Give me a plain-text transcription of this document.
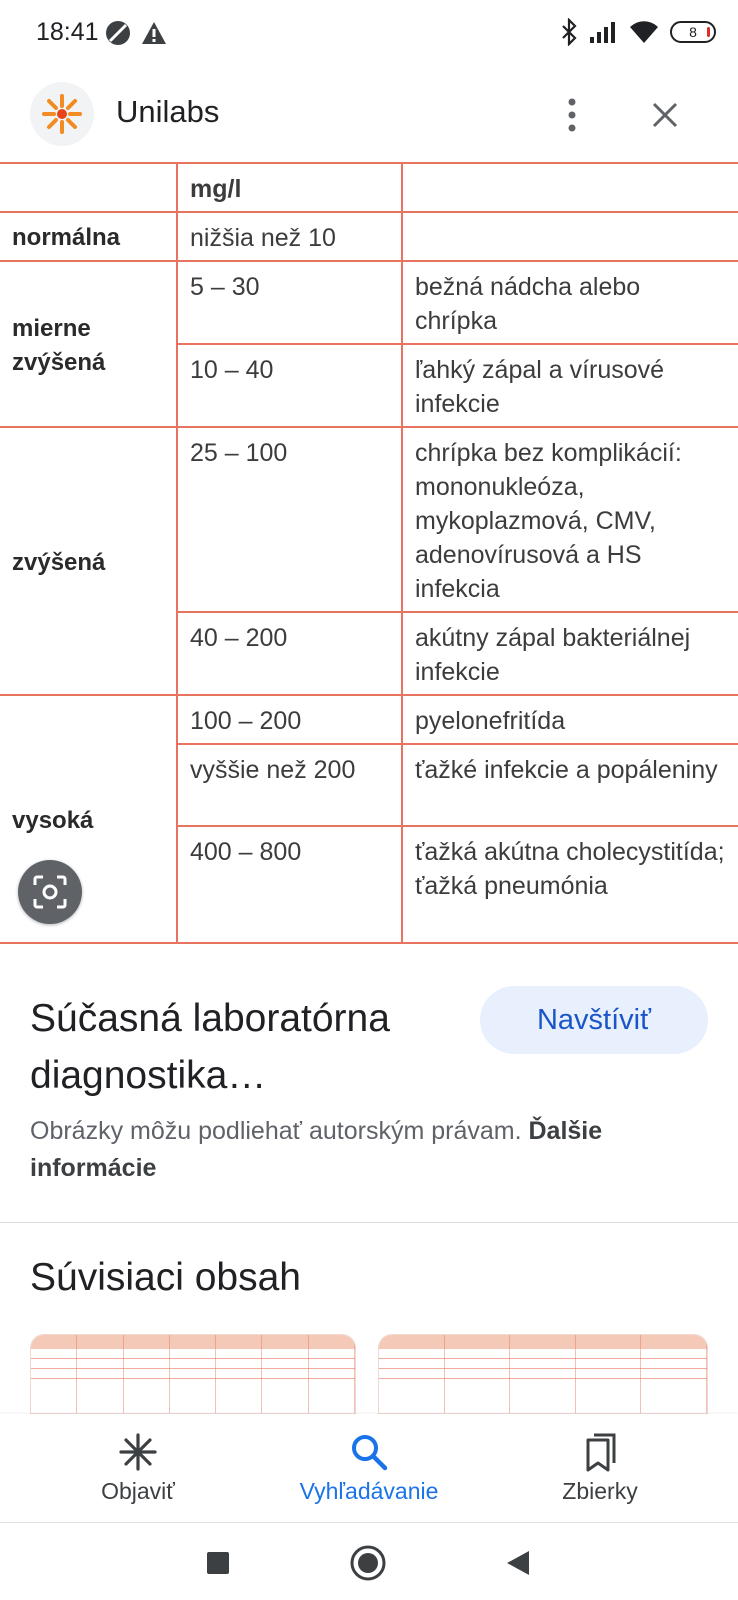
18:41	8
Unilabs
	mg/l	
normálna	nižšia než 10	
mierne zvýšená	5 – 30	bežná nádcha alebo chrípka
	10 – 40	ľahký zápal a vírusové infekcie
zvýšená	25 – 100	chrípka bez komplikácií: mononukleóza, mykoplazmová, CMV, adenovírusová a HS infekcia
	40 – 200	akútny zápal bakteriálnej infekcie
vysoká	100 – 200	pyelonefritída
	vyššie než 200	ťažké infekcie a popáleniny
	400 – 800	ťažká akútna cholecystitída; ťažká pneumónia
Súčasná laboratórna diagnostika…
Navštíviť
Obrázky môžu podliehať autorským právam. Ďalšie informácie
Súvisiaci obsah
Objaviť	Vyhľadávanie	Zbierky
